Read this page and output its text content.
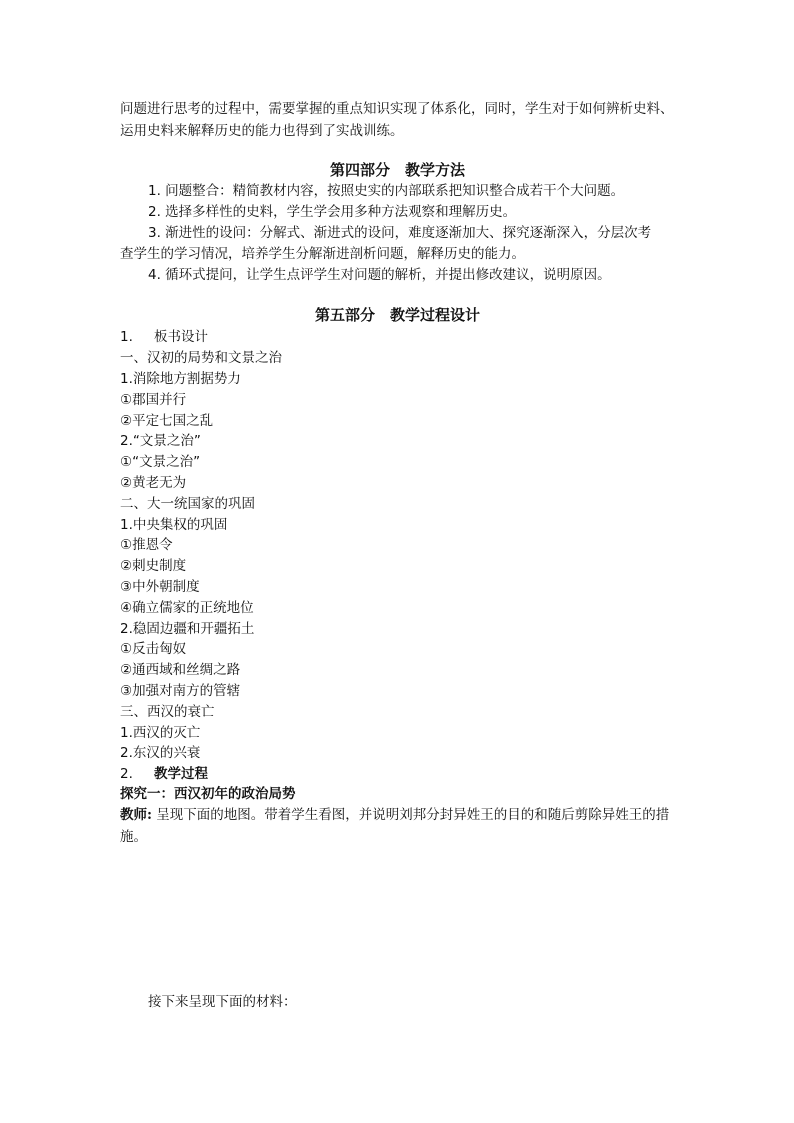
问题进行思考的过程中，需要掌握的重点知识实现了体系化，同时，学生对于如何辨析史料、运用史料来解释历史的能力也得到了实战训练。
第四部分　教学方法
1. 问题整合：精简教材内容，按照史实的内部联系把知识整合成若干个大问题。
2. 选择多样性的史料，学生学会用多种方法观察和理解历史。
3. 渐进性的设问：分解式、渐进式的设问，难度逐渐加大、探究逐渐深入，分层次考
查学生的学习情况，培养学生分解渐进剖析问题，解释历史的能力。
4. 循环式提问，让学生点评学生对问题的解析，并提出修改建议，说明原因。
第五部分　教学过程设计
1. 板书设计
一、汉初的局势和文景之治
1.消除地方割据势力
①郡国并行
②平定七国之乱
2.“文景之治”
①“文景之治”
②黄老无为
二、大一统国家的巩固
1.中央集权的巩固
①推恩令
②刺史制度
③中外朝制度
④确立儒家的正统地位
2.稳固边疆和开疆拓土
①反击匈奴
②通西域和丝绸之路
③加强对南方的管辖
三、西汉的衰亡
1.西汉的灭亡
2.东汉的兴衰
2. 教学过程
探究一：西汉初年的政治局势
教师: 呈现下面的地图。带着学生看图，并说明刘邦分封异姓王的目的和随后剪除异姓王的措施。
接下来呈现下面的材料：
